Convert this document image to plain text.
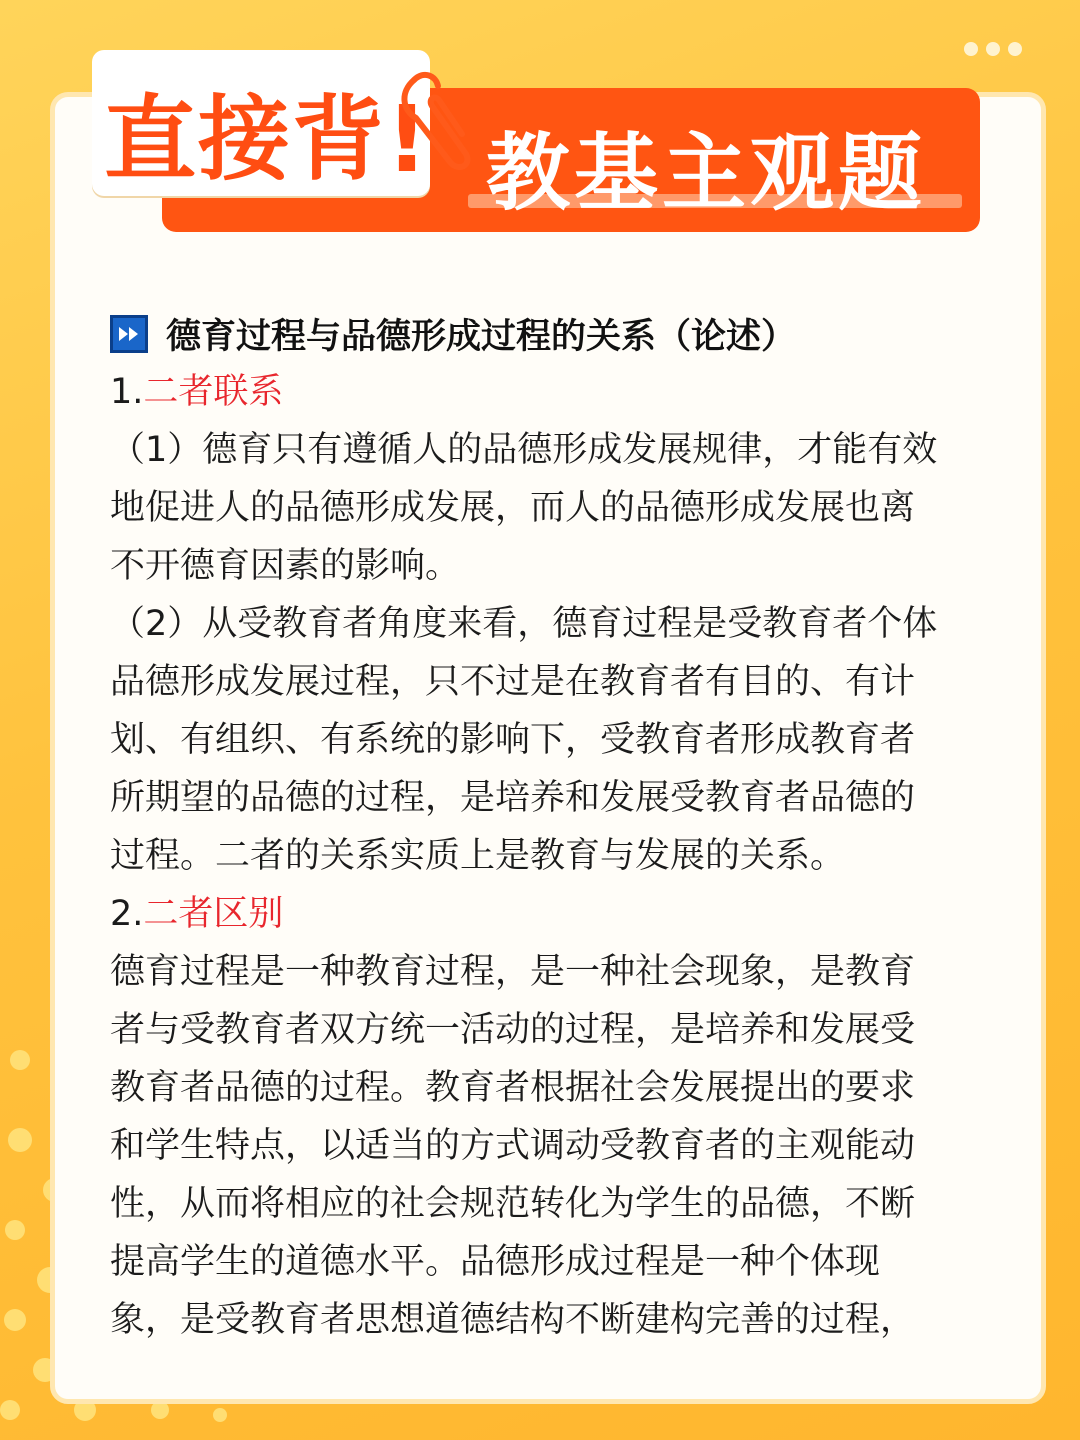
教基主观题
直接背!
德育过程与品德形成过程的关系（论述）
1.二者联系
（1）德育只有遵循人的品德形成发展规律，才能有效
地促进人的品德形成发展，而人的品德形成发展也离
不开德育因素的影响。
（2）从受教育者角度来看，德育过程是受教育者个体
品德形成发展过程，只不过是在教育者有目的、有计
划、有组织、有系统的影响下，受教育者形成教育者
所期望的品德的过程，是培养和发展受教育者品德的
过程。二者的关系实质上是教育与发展的关系。
2.二者区别
德育过程是一种教育过程，是一种社会现象，是教育
者与受教育者双方统一活动的过程，是培养和发展受
教育者品德的过程。教育者根据社会发展提出的要求
和学生特点，以适当的方式调动受教育者的主观能动
性，从而将相应的社会规范转化为学生的品德，不断
提高学生的道德水平。品德形成过程是一种个体现
象，是受教育者思想道德结构不断建构完善的过程，
